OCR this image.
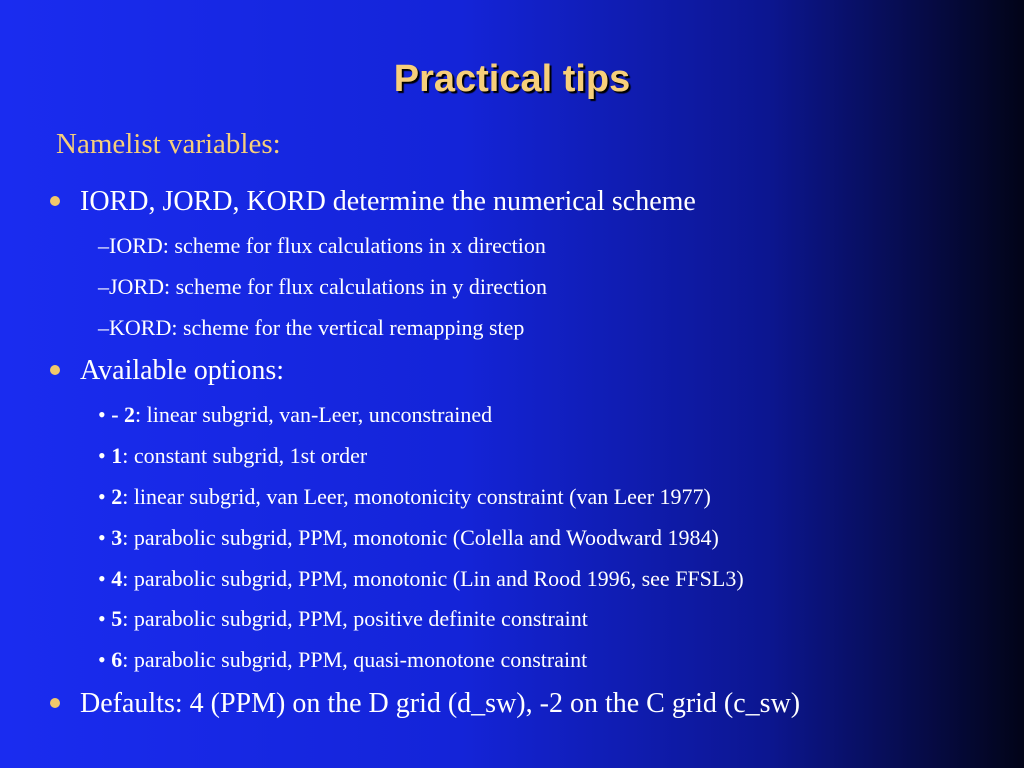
Practical tips
Namelist variables:
IORD, JORD, KORD determine the numerical scheme
–IORD: scheme for flux calculations in x direction
–JORD: scheme for flux calculations in y direction
–KORD: scheme for the vertical remapping step
Available options:
• - 2: linear subgrid, van-Leer, unconstrained
• 1: constant subgrid, 1st order
• 2: linear subgrid, van Leer, monotonicity constraint (van Leer 1977)
• 3: parabolic subgrid, PPM, monotonic (Colella and Woodward 1984)
• 4: parabolic subgrid, PPM, monotonic (Lin and Rood 1996, see FFSL3)
• 5: parabolic subgrid, PPM, positive definite constraint
• 6: parabolic subgrid, PPM, quasi-monotone constraint
Defaults: 4 (PPM) on the D grid (d_sw), -2 on the C grid (c_sw)
